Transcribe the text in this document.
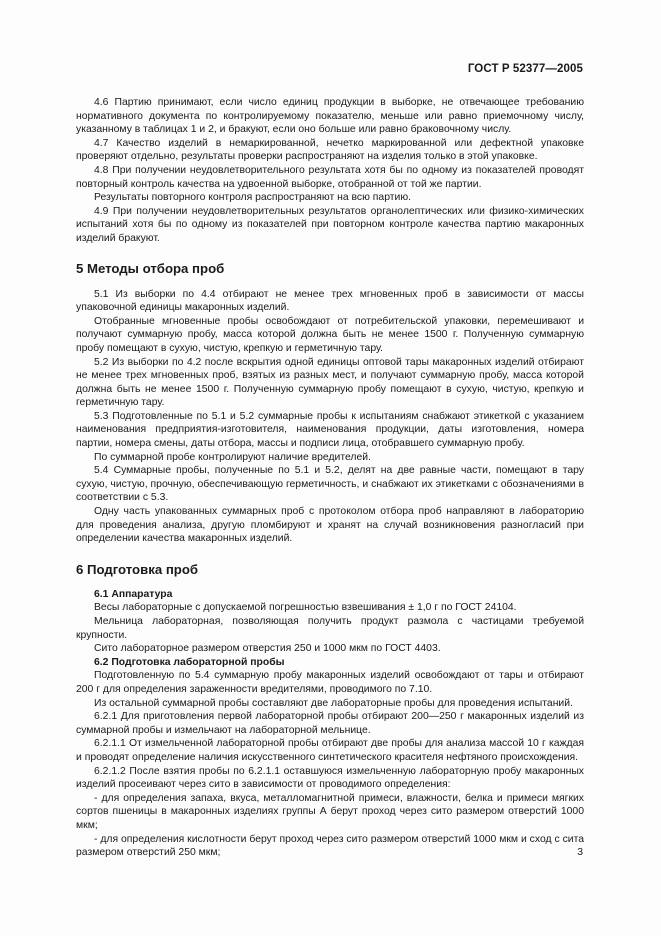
ГОСТ Р 52377—2005

4.6 Партию принимают, если число единиц продукции в выборке, не отвечающее требованию нормативного документа по контролируемому показателю, меньше или равно приемочному числу, указанному в таблицах 1 и 2, и бракуют, если оно больше или равно браковочному числу.

4.7 Качество изделий в немаркированной, нечетко маркированной или дефектной упаковке проверяют отдельно, результаты проверки распространяют на изделия только в этой упаковке.

4.8 При получении неудовлетворительного результата хотя бы по одному из показателей проводят повторный контроль качества на удвоенной выборке, отобранной от той же партии.

Результаты повторного контроля распространяют на всю партию.

4.9 При получении неудовлетворительных результатов органолептических или физико-химических испытаний хотя бы по одному из показателей при повторном контроле качества партию макаронных изделий бракуют.

5 Методы отбора проб

5.1 Из выборки по 4.4 отбирают не менее трех мгновенных проб в зависимости от массы упаковочной единицы макаронных изделий.

Отобранные мгновенные пробы освобождают от потребительской упаковки, перемешивают и получают суммарную пробу, масса которой должна быть не менее 1500 г. Полученную суммарную пробу помещают в сухую, чистую, крепкую и герметичную тару.

5.2 Из выборки по 4.2 после вскрытия одной единицы оптовой тары макаронных изделий отбирают не менее трех мгновенных проб, взятых из разных мест, и получают суммарную пробу, масса которой должна быть не менее 1500 г. Полученную суммарную пробу помещают в сухую, чистую, крепкую и герметичную тару.

5.3 Подготовленные по 5.1 и 5.2 суммарные пробы к испытаниям снабжают этикеткой с указанием наименования предприятия-изготовителя, наименования продукции, даты изготовления, номера партии, номера смены, даты отбора, массы и подписи лица, отобравшего суммарную пробу.

По суммарной пробе контролируют наличие вредителей.

5.4 Суммарные пробы, полученные по 5.1 и 5.2, делят на две равные части, помещают в тару сухую, чистую, прочную, обеспечивающую герметичность, и снабжают их этикетками с обозначениями в соответствии с 5.3.

Одну часть упакованных суммарных проб с протоколом отбора проб направляют в лабораторию для проведения анализа, другую пломбируют и хранят на случай возникновения разногласий при определении качества макаронных изделий.

6 Подготовка проб
6.1 Аппаратура

Весы лабораторные с допускаемой погрешностью взвешивания ± 1,0 г по ГОСТ 24104.

Мельница лабораторная, позволяющая получить продукт размола с частицами требуемой крупности.

Сито лабораторное размером отверстия 250 и 1000 мкм по ГОСТ 4403.

6.2 Подготовка лабораторной пробы

Подготовленную по 5.4 суммарную пробу макаронных изделий освобождают от тары и отбирают 200 г для определения зараженности вредителями, проводимого по 7.10.

Из остальной суммарной пробы составляют две лабораторные пробы для проведения испытаний.

6.2.1 Для приготовления первой лабораторной пробы отбирают 200—250 г макаронных изделий из суммарной пробы и измельчают на лабораторной мельнице.

6.2.1.1 От измельченной лабораторной пробы отбирают две пробы для анализа массой 10 г каждая и проводят определение наличия искусственного синтетического красителя нефтяного происхождения.

6.2.1.2 После взятия пробы по 6.2.1.1 оставшуюся измельченную лабораторную пробу макаронных изделий просеивают через сито в зависимости от проводимого определения:

- для определения запаха, вкуса, металломагнитной примеси, влажности, белка и примеси мягких сортов пшеницы в макаронных изделиях группы А берут проход через сито размером отверстий 1000 мкм;

- для определения кислотности берут проход через сито размером отверстий 1000 мкм и сход с сита размером отверстий 250 мкм;	3
